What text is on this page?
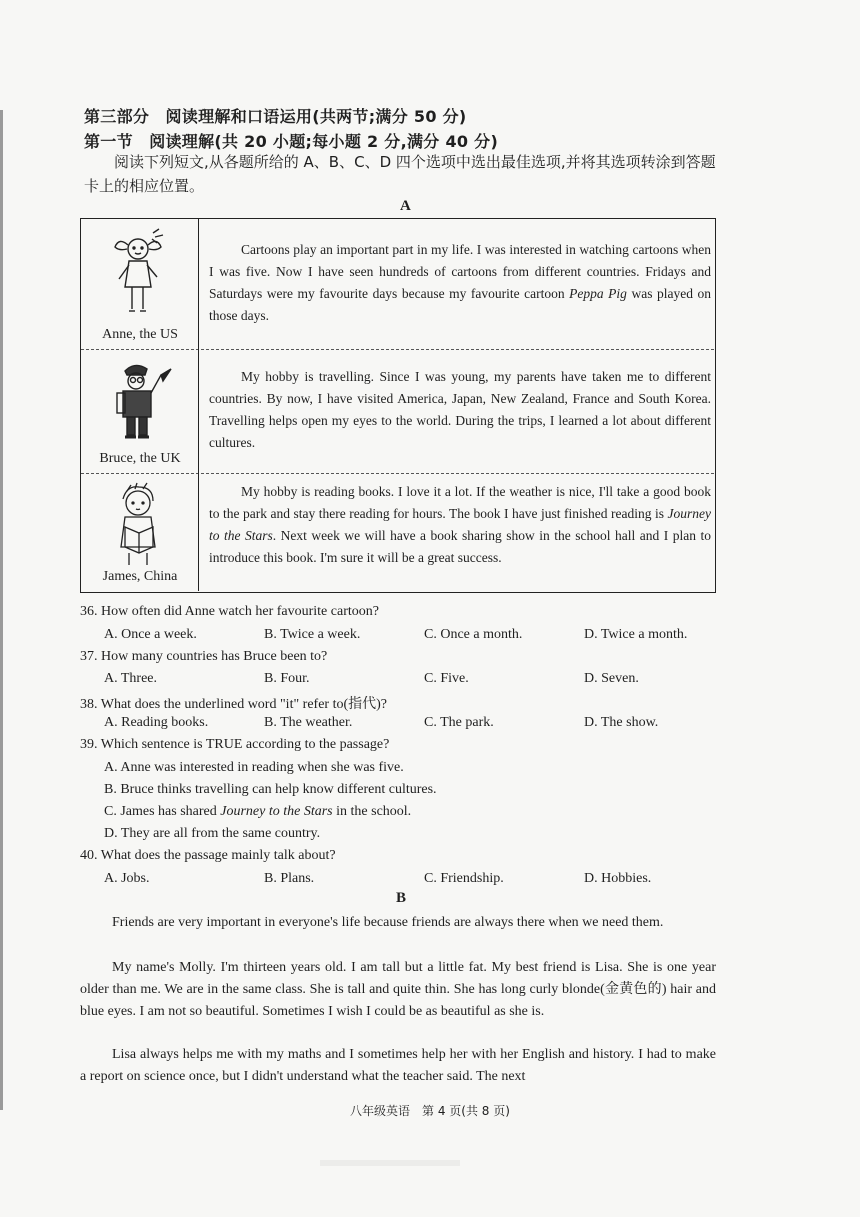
第三部分　阅读理解和口语运用(共两节;满分 50 分)
第一节　阅读理解(共 20 小题;每小题 2 分,满分 40 分)
阅读下列短文,从各题所给的 A、B、C、D 四个选项中选出最佳选项,并将其选项转涂到答题卡上的相应位置。
A
Anne, the US
Cartoons play an important part in my life. I was interested in watching cartoons when I was five. Now I have seen hundreds of cartoons from different countries. Fridays and Saturdays were my favourite days because my favourite cartoon Peppa Pig was played on those days.
Bruce, the UK
My hobby is travelling. Since I was young, my parents have taken me to different countries. By now, I have visited America, Japan, New Zealand, France and South Korea. Travelling helps open my eyes to the world. During the trips, I learned a lot about different cultures.
James, China
My hobby is reading books. I love it a lot. If the weather is nice, I'll take a good book to the park and stay there reading for hours. The book I have just finished reading is Journey to the Stars. Next week we will have a book sharing show in the school hall and I plan to introduce this book. I'm sure it will be a great success.
36. How often did Anne watch her favourite cartoon?
A. Once a week.	B. Twice a week.	C. Once a month.	D. Twice a month.
37. How many countries has Bruce been to?
A. Three.	B. Four.	C. Five.	D. Seven.
38. What does the underlined word "it" refer to(指代)?
A. Reading books.	B. The weather.	C. The park.	D. The show.
39. Which sentence is TRUE according to the passage?
A. Anne was interested in reading when she was five.
B. Bruce thinks travelling can help know different cultures.
C. James has shared Journey to the Stars in the school.
D. They are all from the same country.
40. What does the passage mainly talk about?
A. Jobs.	B. Plans.	C. Friendship.	D. Hobbies.
B
Friends are very important in everyone's life because friends are always there when we need them.
My name's Molly. I'm thirteen years old. I am tall but a little fat. My best friend is Lisa. She is one year older than me. We are in the same class. She is tall and quite thin. She has long curly blonde(金黄色的) hair and blue eyes. I am not so beautiful. Sometimes I wish I could be as beautiful as she is.
Lisa always helps me with my maths and I sometimes help her with her English and history. I had to make a report on science once, but I didn't understand what the teacher said. The next
八年级英语　第 4 页(共 8 页)
